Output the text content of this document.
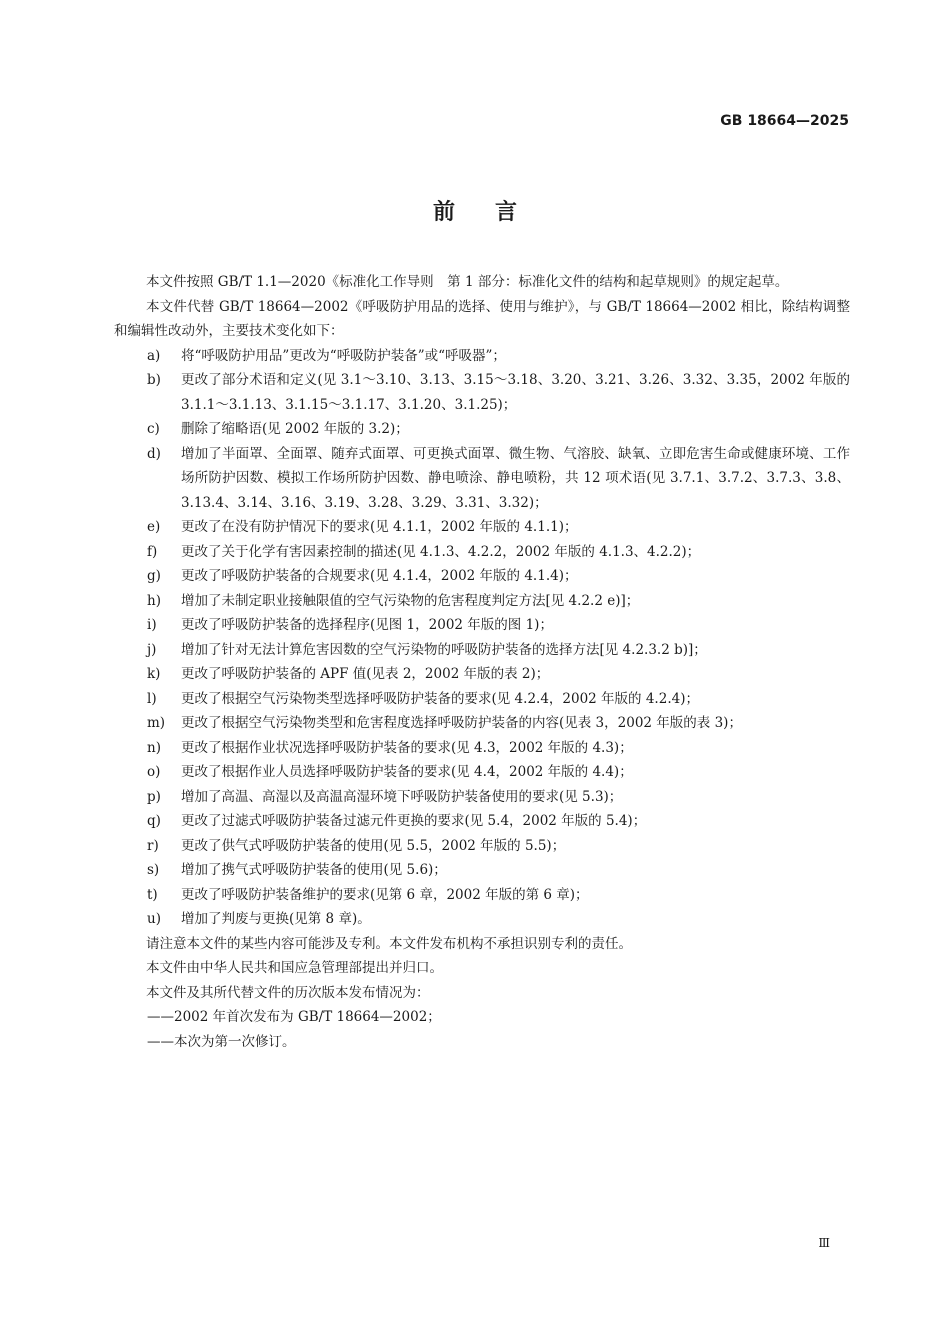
GB 18664—2025
前言

本文件按照 GB/T 1.1—2020《标准化工作导则　第 1 部分：标准化文件的结构和起草规则》的规定起草。

本文件代替 GB/T 18664—2002《呼吸防护用品的选择、使用与维护》，与 GB/T 18664—2002 相比，除结构调整和编辑性改动外，主要技术变化如下：

a)	将“呼吸防护用品”更改为“呼吸防护装备”或“呼吸器”；
b)	更改了部分术语和定义(见 3.1～3.10、3.13、3.15～3.18、3.20、3.21、3.26、3.32、3.35，2002 年版的 3.1.1～3.1.13、3.1.15～3.1.17、3.1.20、3.1.25)；
c)	删除了缩略语(见 2002 年版的 3.2)；
d)	增加了半面罩、全面罩、随弃式面罩、可更换式面罩、微生物、气溶胶、缺氧、立即危害生命或健康环境、工作场所防护因数、模拟工作场所防护因数、静电喷涂、静电喷粉，共 12 项术语(见 3.7.1、3.7.2、3.7.3、3.8、3.13.4、3.14、3.16、3.19、3.28、3.29、3.31、3.32)；
e)	更改了在没有防护情况下的要求(见 4.1.1，2002 年版的 4.1.1)；
f)	更改了关于化学有害因素控制的描述(见 4.1.3、4.2.2，2002 年版的 4.1.3、4.2.2)；
g)	更改了呼吸防护装备的合规要求(见 4.1.4，2002 年版的 4.1.4)；
h)	增加了未制定职业接触限值的空气污染物的危害程度判定方法[见 4.2.2 e)]；
i)	更改了呼吸防护装备的选择程序(见图 1，2002 年版的图 1)；
j)	增加了针对无法计算危害因数的空气污染物的呼吸防护装备的选择方法[见 4.2.3.2 b)]；
k)	更改了呼吸防护装备的 APF 值(见表 2，2002 年版的表 2)；
l)	更改了根据空气污染物类型选择呼吸防护装备的要求(见 4.2.4，2002 年版的 4.2.4)；
m)	更改了根据空气污染物类型和危害程度选择呼吸防护装备的内容(见表 3，2002 年版的表 3)；
n)	更改了根据作业状况选择呼吸防护装备的要求(见 4.3，2002 年版的 4.3)；
o)	更改了根据作业人员选择呼吸防护装备的要求(见 4.4，2002 年版的 4.4)；
p)	增加了高温、高湿以及高温高湿环境下呼吸防护装备使用的要求(见 5.3)；
q)	更改了过滤式呼吸防护装备过滤元件更换的要求(见 5.4，2002 年版的 5.4)；
r)	更改了供气式呼吸防护装备的使用(见 5.5，2002 年版的 5.5)；
s)	增加了携气式呼吸防护装备的使用(见 5.6)；
t)	更改了呼吸防护装备维护的要求(见第 6 章，2002 年版的第 6 章)；
u)	增加了判废与更换(见第 8 章)。

请注意本文件的某些内容可能涉及专利。本文件发布机构不承担识别专利的责任。

本文件由中华人民共和国应急管理部提出并归口。

本文件及其所代替文件的历次版本发布情况为：

——2002 年首次发布为 GB/T 18664—2002；

——本次为第一次修订。

Ⅲ
